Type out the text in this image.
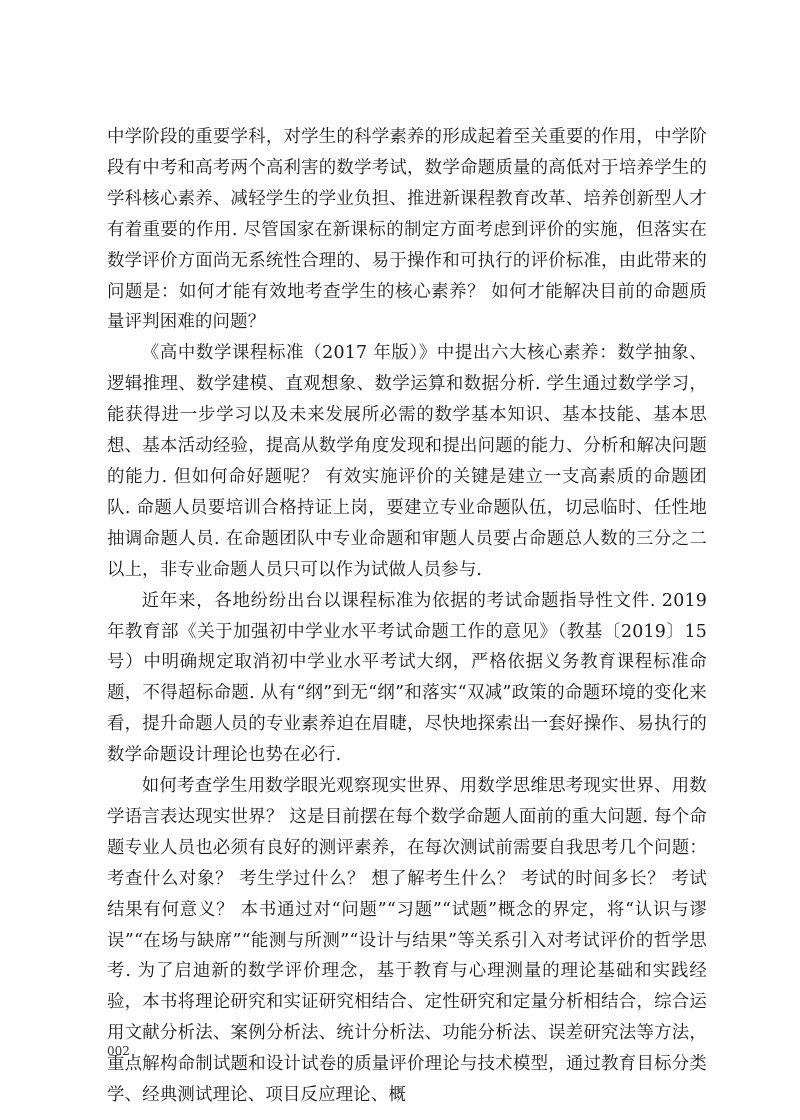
中学阶段的重要学科，对学生的科学素养的形成起着至关重要的作用，中学阶段有中考和高考两个高利害的数学考试，数学命题质量的高低对于培养学生的学科核心素养、减轻学生的学业负担、推进新课程教育改革、培养创新型人才有着重要的作用. 尽管国家在新课标的制定方面考虑到评价的实施，但落实在数学评价方面尚无系统性合理的、易于操作和可执行的评价标准，由此带来的问题是：如何才能有效地考查学生的核心素养？ 如何才能解决目前的命题质量评判困难的问题？

《高中数学课程标准（2017 年版）》中提出六大核心素养：数学抽象、逻辑推理、数学建模、直观想象、数学运算和数据分析. 学生通过数学学习，能获得进一步学习以及未来发展所必需的数学基本知识、基本技能、基本思想、基本活动经验，提高从数学角度发现和提出问题的能力、分析和解决问题的能力. 但如何命好题呢？ 有效实施评价的关键是建立一支高素质的命题团队. 命题人员要培训合格持证上岗，要建立专业命题队伍，切忌临时、任性地抽调命题人员. 在命题团队中专业命题和审题人员要占命题总人数的三分之二以上，非专业命题人员只可以作为试做人员参与.

近年来，各地纷纷出台以课程标准为依据的考试命题指导性文件. 2019 年教育部《关于加强初中学业水平考试命题工作的意见》（教基〔2019〕15 号）中明确规定取消初中学业水平考试大纲，严格依据义务教育课程标准命题，不得超标命题. 从有“纲”到无“纲”和落实“双减”政策的命题环境的变化来看，提升命题人员的专业素养迫在眉睫，尽快地探索出一套好操作、易执行的数学命题设计理论也势在必行.

如何考查学生用数学眼光观察现实世界、用数学思维思考现实世界、用数学语言表达现实世界？ 这是目前摆在每个数学命题人面前的重大问题. 每个命题专业人员也必须有良好的测评素养，在每次测试前需要自我思考几个问题：考查什么对象？ 考生学过什么？ 想了解考生什么？ 考试的时间多长？ 考试结果有何意义？ 本书通过对“问题”“习题”“试题”概念的界定，将“认识与谬误”“在场与缺席”“能测与所测”“设计与结果”等关系引入对考试评价的哲学思考. 为了启迪新的数学评价理念，基于教育与心理测量的理论基础和实践经验，本书将理论研究和实证研究相结合、定性研究和定量分析相结合，综合运用文献分析法、案例分析法、统计分析法、功能分析法、误差研究法等方法，重点解构命制试题和设计试卷的质量评价理论与技术模型，通过教育目标分类学、经典测试理论、项目反应理论、概

002
